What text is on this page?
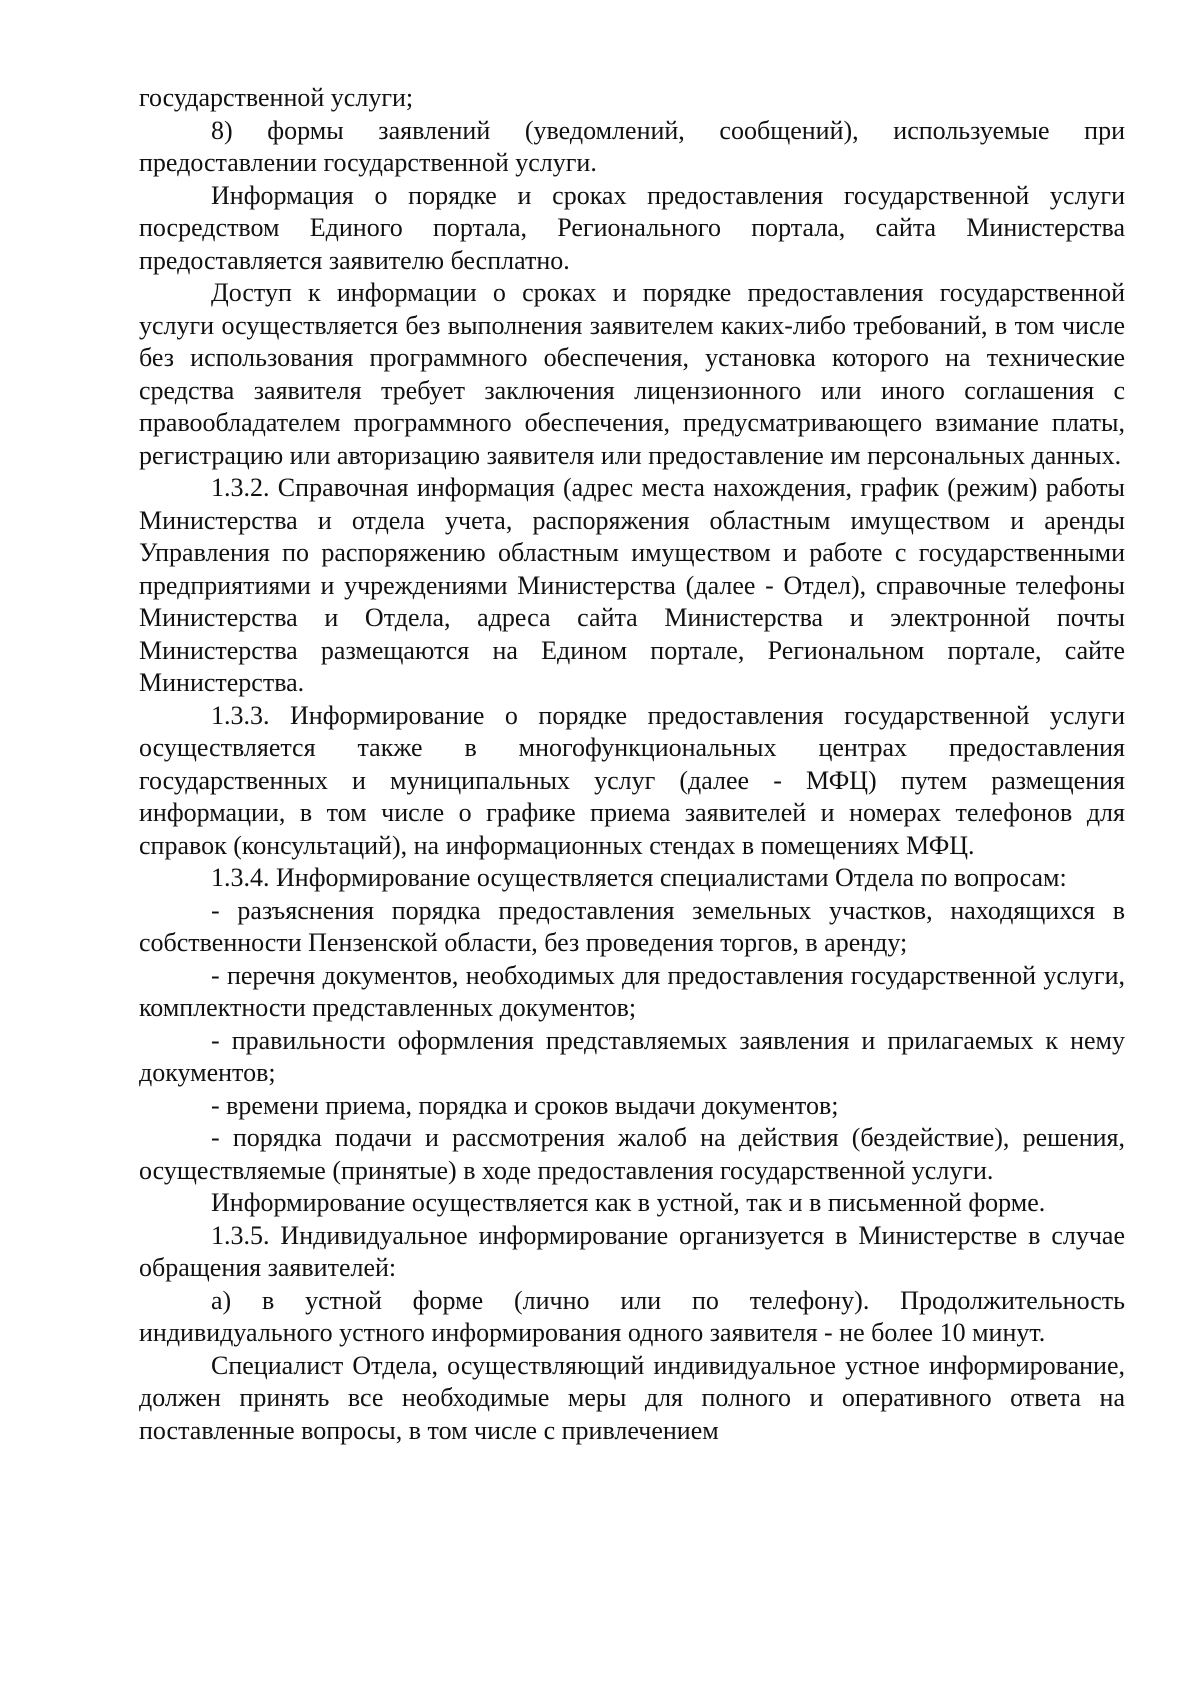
государственной услуги;

8) формы заявлений (уведомлений, сообщений), используемые при предоставлении государственной услуги.

Информация о порядке и сроках предоставления государственной услуги посредством Единого портала, Регионального портала, сайта Министерства предоставляется заявителю бесплатно.

Доступ к информации о сроках и порядке предоставления государственной услуги осуществляется без выполнения заявителем каких-либо требований, в том числе без использования программного обеспечения, установка которого на технические средства заявителя требует заключения лицензионного или иного соглашения с правообладателем программного обеспечения, предусматривающего взимание платы, регистрацию или авторизацию заявителя или предоставление им персональных данных.

1.3.2. Справочная информация (адрес места нахождения, график (режим) работы Министерства и отдела учета, распоряжения областным имуществом и аренды Управления по распоряжению областным имуществом и работе с государственными предприятиями и учреждениями Министерства (далее - Отдел), справочные телефоны Министерства и Отдела, адреса сайта Министерства и электронной почты Министерства размещаются на Едином портале, Региональном портале, сайте Министерства.

1.3.3. Информирование о порядке предоставления государственной услуги осуществляется также в многофункциональных центрах предоставления государственных и муниципальных услуг (далее - МФЦ) путем размещения информации, в том числе о графике приема заявителей и номерах телефонов для справок (консультаций), на информационных стендах в помещениях МФЦ.

1.3.4. Информирование осуществляется специалистами Отдела по вопросам:

- разъяснения порядка предоставления земельных участков, находящихся в собственности Пензенской области, без проведения торгов, в аренду;

- перечня документов, необходимых для предоставления государственной услуги, комплектности представленных документов;

- правильности оформления представляемых заявления и прилагаемых к нему документов;

- времени приема, порядка и сроков выдачи документов;

- порядка подачи и рассмотрения жалоб на действия (бездействие), решения, осуществляемые (принятые) в ходе предоставления государственной услуги.

Информирование осуществляется как в устной, так и в письменной форме.

1.3.5. Индивидуальное информирование организуется в Министерстве в случае обращения заявителей:

а) в устной форме (лично или по телефону). Продолжительность индивидуального устного информирования одного заявителя - не более 10 минут.

Специалист Отдела, осуществляющий индивидуальное устное информирование, должен принять все необходимые меры для полного и оперативного ответа на поставленные вопросы, в том числе с привлечением
